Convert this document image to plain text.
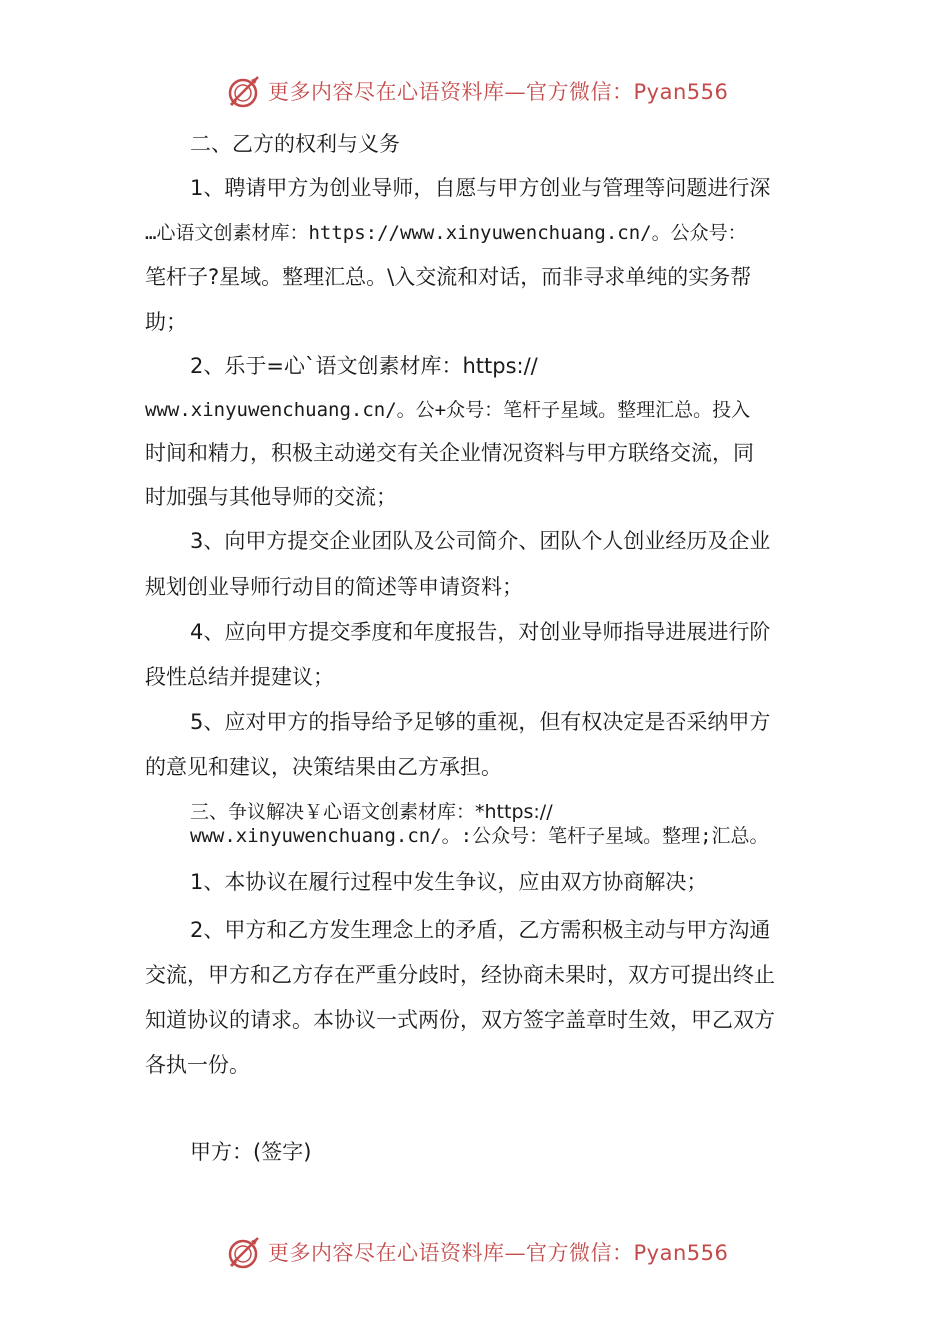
更多内容尽在心语资料库—官方微信：Pyan556
二、乙方的权利与义务
1、聘请甲方为创业导师，自愿与甲方创业与管理等问题进行深
…心语文创素材库：https://www.xinyuwenchuang.cn/。公众号：
笔杆子?星域。整理汇总。\入交流和对话，而非寻求单纯的实务帮
助；
2、乐于=心`语文创素材库：https://
www.xinyuwenchuang.cn/。公+众号：笔杆子星域。整理汇总。投入
时间和精力，积极主动递交有关企业情况资料与甲方联络交流，同
时加强与其他导师的交流；
3、向甲方提交企业团队及公司简介、团队个人创业经历及企业
规划创业导师行动目的简述等申请资料；
4、应向甲方提交季度和年度报告，对创业导师指导进展进行阶
段性总结并提建议；
5、应对甲方的指导给予足够的重视，但有权决定是否采纳甲方
的意见和建议，决策结果由乙方承担。
三、争议解决￥心语文创素材库：*https://
www.xinyuwenchuang.cn/。:公众号：笔杆子星域。整理;汇总。
1、本协议在履行过程中发生争议，应由双方协商解决；
2、甲方和乙方发生理念上的矛盾，乙方需积极主动与甲方沟通
交流，甲方和乙方存在严重分歧时，经协商未果时，双方可提出终止
知道协议的请求。本协议一式两份，双方签字盖章时生效，甲乙双方
各执一份。
甲方：(签字)
更多内容尽在心语资料库—官方微信：Pyan556
